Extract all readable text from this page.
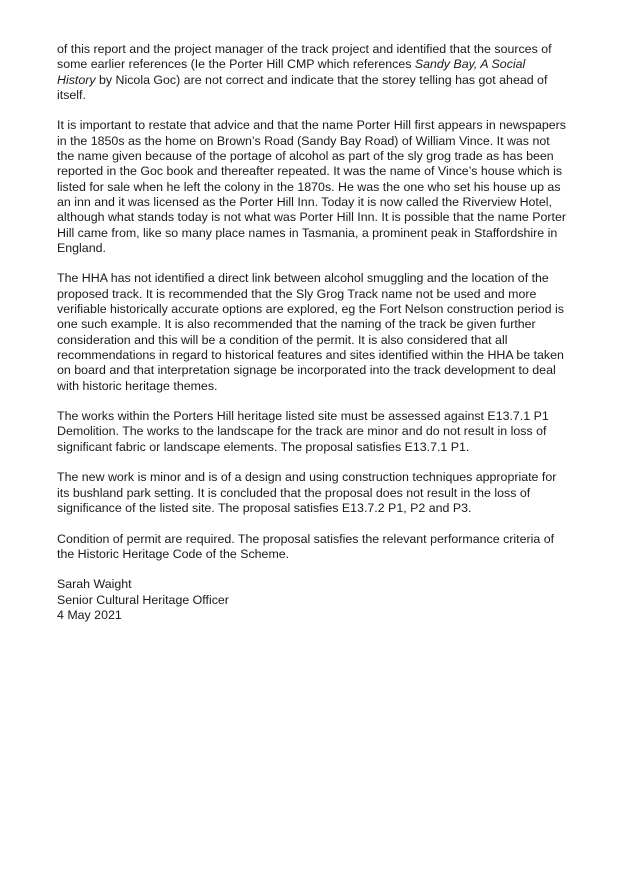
of this report and the project manager of the track project and identified that the sources of some earlier references (Ie the Porter Hill CMP which references Sandy Bay, A Social History by Nicola Goc) are not correct and indicate that the storey telling has got ahead of itself.

It is important to restate that advice and that the name Porter Hill first appears in newspapers in the 1850s as the home on Brown’s Road (Sandy Bay Road) of William Vince. It was not the name given because of the portage of alcohol as part of the sly grog trade as has been reported in the Goc book and thereafter repeated. It was the name of Vince’s house which is listed for sale when he left the colony in the 1870s. He was the one who set his house up as an inn and it was licensed as the Porter Hill Inn. Today it is now called the Riverview Hotel, although what stands today is not what was Porter Hill Inn. It is possible that the name Porter Hill came from, like so many place names in Tasmania, a prominent peak in Staffordshire in England.

The HHA has not identified a direct link between alcohol smuggling and the location of the proposed track. It is recommended that the Sly Grog Track name not be used and more verifiable historically accurate options are explored, eg the Fort Nelson construction period is one such example. It is also recommended that the naming of the track be given further consideration and this will be a condition of the permit. It is also considered that all recommendations in regard to historical features and sites identified within the HHA be taken on board and that interpretation signage be incorporated into the track development to deal with historic heritage themes.

The works within the Porters Hill heritage listed site must be assessed against E13.7.1 P1 Demolition. The works to the landscape for the track are minor and do not result in loss of significant fabric or landscape elements. The proposal satisfies E13.7.1 P1.

The new work is minor and is of a design and using construction techniques appropriate for its bushland park setting. It is concluded that the proposal does not result in the loss of significance of the listed site. The proposal satisfies E13.7.2 P1, P2 and P3.

Condition of permit are required. The proposal satisfies the relevant performance criteria of the Historic Heritage Code of the Scheme.

Sarah Waight

Senior Cultural Heritage Officer

4 May 2021
